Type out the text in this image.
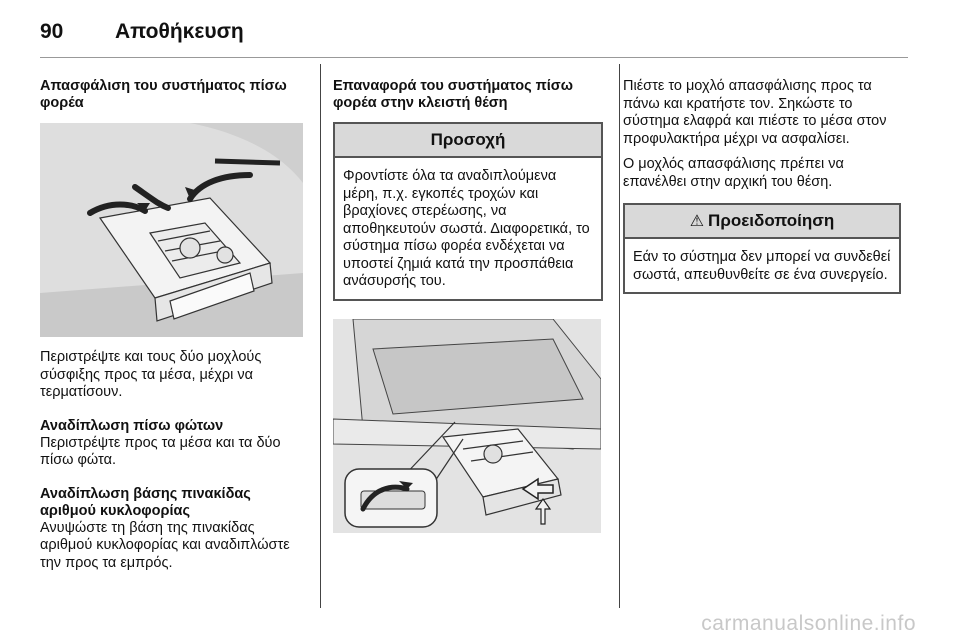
90 Αποθήκευση

Απασφάλιση του συστήματος πίσω φορέα

Περιστρέψτε και τους δύο μοχλούς σύσφιξης προς τα μέσα, μέχρι να τερματίσουν.

Αναδίπλωση πίσω φώτων

Περιστρέψτε προς τα μέσα και τα δύο πίσω φώτα.

Αναδίπλωση βάσης πινακίδας αριθμού κυκλοφορίας

Ανυψώστε τη βάση της πινακίδας αριθμού κυκλοφορίας και αναδιπλώστε την προς τα εμπρός.

Επαναφορά του συστήματος πίσω φορέα στην κλειστή θέση

Προσοχή
Φροντίστε όλα τα αναδιπλούμενα μέρη, π.χ. εγκοπές τροχών και βραχίονες στερέωσης, να αποθηκευτούν σωστά. Διαφορετικά, το σύστημα πίσω φορέα ενδέχεται να υποστεί ζημιά κατά την προσπάθεια ανάσυρσής του.

Πιέστε το μοχλό απασφάλισης προς τα πάνω και κρατήστε τον. Σηκώστε το σύστημα ελαφρά και πιέστε το μέσα στον προφυλακτήρα μέχρι να ασφαλίσει.

Ο μοχλός απασφάλισης πρέπει να επανέλθει στην αρχική του θέση.

⚠ Προειδοποίηση
Εάν το σύστημα δεν μπορεί να συνδεθεί σωστά, απευθυνθείτε σε ένα συνεργείο.
carmanualsonline.info
